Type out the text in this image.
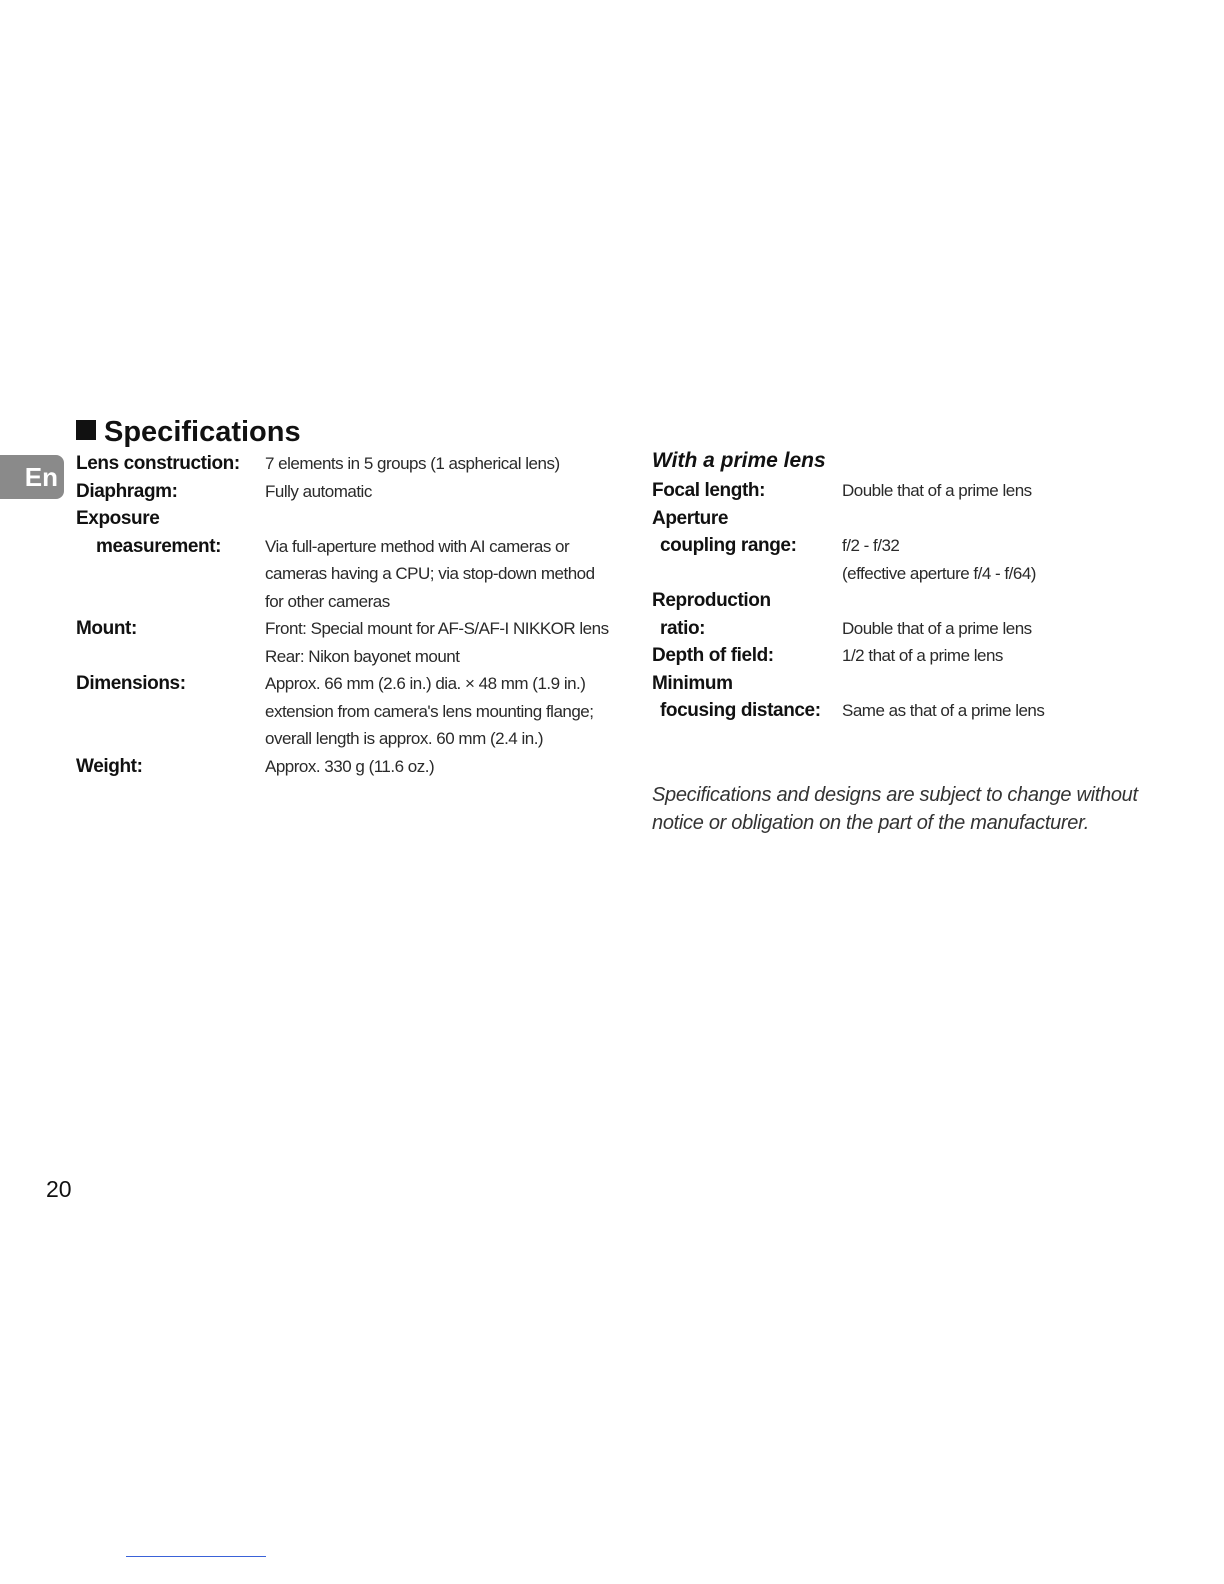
En
Specifications
Lens construction:	7 elements in 5 groups (1 aspherical lens)
Diaphragm:	Fully automatic
Exposure
measurement:
	Via full-aperture method with AI cameras or
cameras having a CPU; via stop-down method
for other cameras
Mount:	Front: Special mount for AF-S/AF-I NIKKOR lens
Rear: Nikon bayonet mount
Dimensions:	Approx. 66 mm (2.6 in.) dia. × 48 mm (1.9 in.)
extension from camera's lens mounting flange;
overall length is approx. 60 mm (2.4 in.)
Weight:	Approx. 330 g (11.6 oz.)
With a prime lens
Focal length:	Double that of a prime lens
Aperture
coupling range:
	f/2 - f/32
(effective aperture f/4 - f/64)
Reproduction
ratio:
	Double that of a prime lens
Depth of field:	1/2 that of a prime lens
Minimum
focusing distance:
	Same as that of a prime lens
Specifications and designs are subject to change without
notice or obligation on the part of the manufacturer.
20
